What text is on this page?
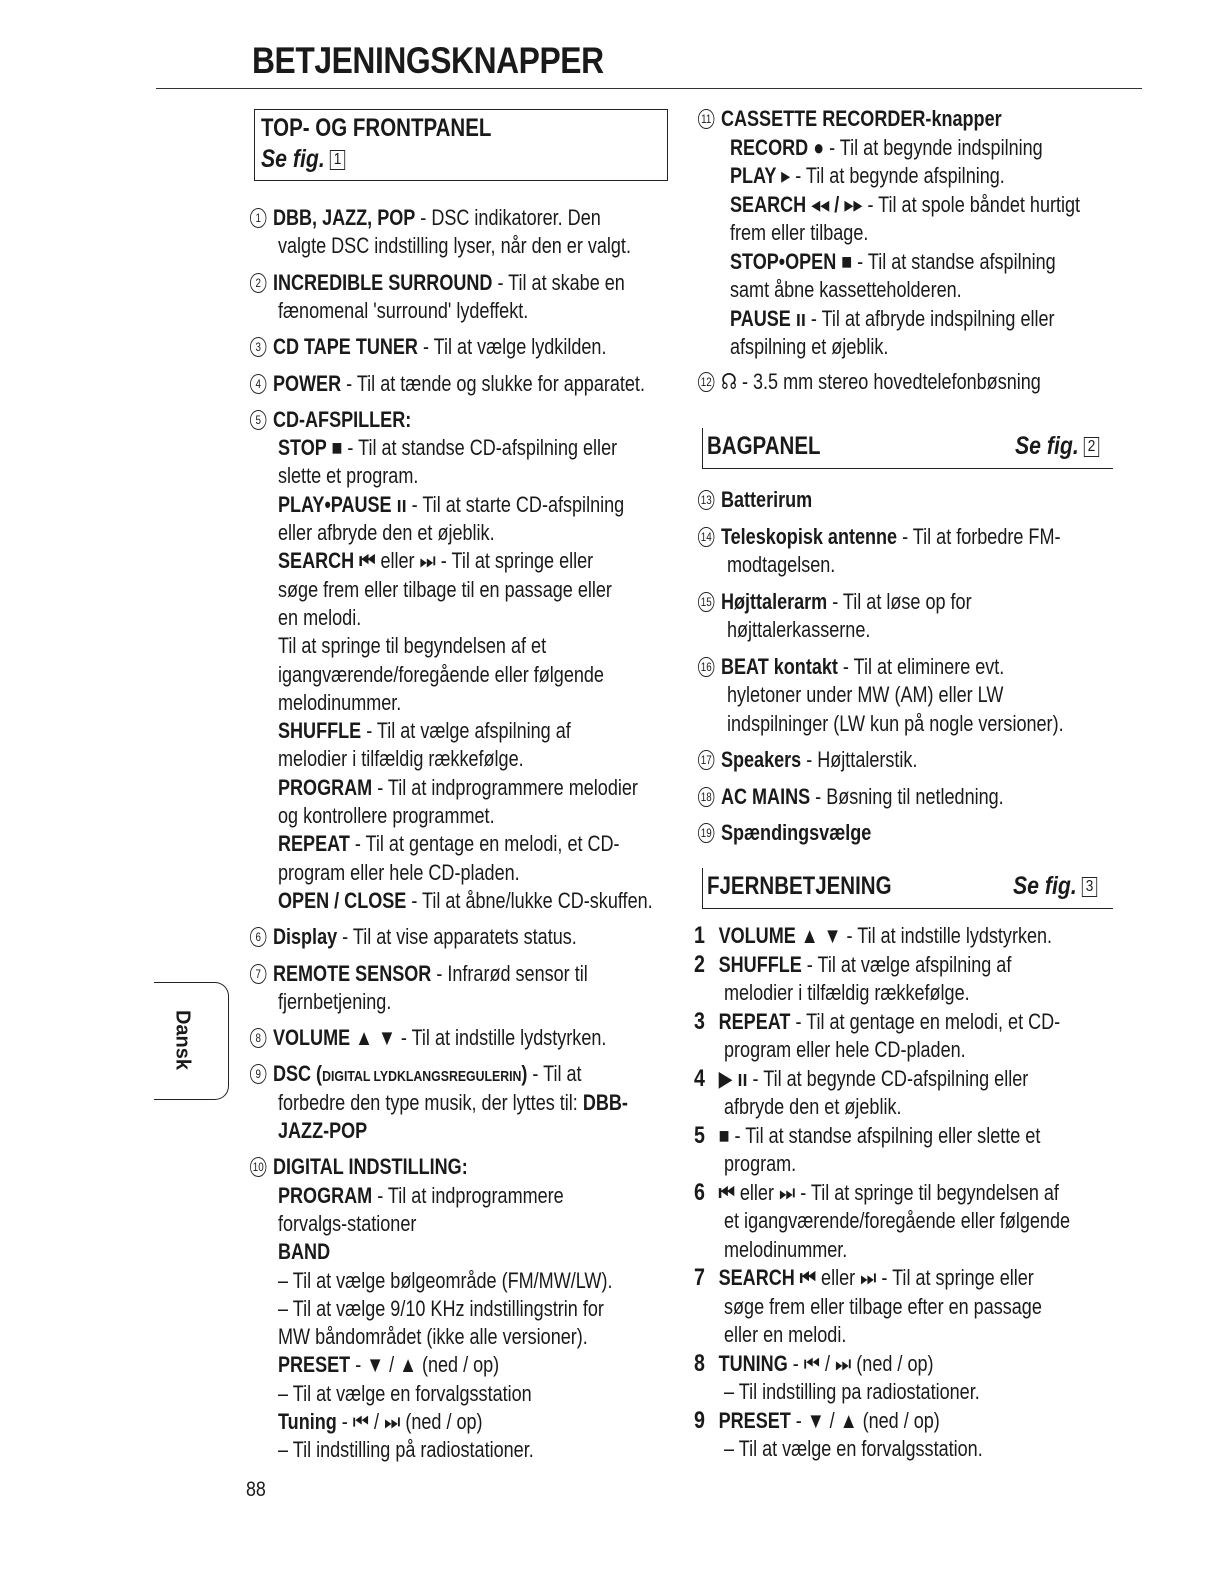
BETJENINGSKNAPPER
TOP- OG FRONTPANEL
Se fig. 1
1 DBB, JAZZ, POP - DSC indikatorer. Den
valgte DSC indstilling lyser, når den er valgt.
2 INCREDIBLE SURROUND - Til at skabe en
fænomenal 'surround' lydeffekt.
3 CD TAPE TUNER - Til at vælge lydkilden.
4 POWER - Til at tænde og slukke for apparatet.
5 CD-AFSPILLER:
STOP ■ - Til at standse CD-afspilning eller
slette et program.
PLAY•PAUSE ıı - Til at starte CD-afspilning
eller afbryde den et øjeblik.
SEARCH ⏮ eller ⏭ - Til at springe eller
søge frem eller tilbage til en passage eller
en melodi.
Til at springe til begyndelsen af et
igangværende/foregående eller følgende
melodinummer.
SHUFFLE - Til at vælge afspilning af
melodier i tilfældig rækkefølge.
PROGRAM - Til at indprogrammere melodier
og kontrollere programmet.
REPEAT - Til at gentage en melodi, et CD-
program eller hele CD-pladen.
OPEN / CLOSE - Til at åbne/lukke CD-skuffen.
6 Display - Til at vise apparatets status.
7 REMOTE SENSOR - Infrarød sensor til
fjernbetjening.
8 VOLUME ▲ ▼ - Til at indstille lydstyrken.
9 DSC (DIGITAL LYDKLANGSREGULERIN) - Til at
forbedre den type musik, der lyttes til: DBB-
JAZZ-POP
10 DIGITAL INDSTILLING:
PROGRAM - Til at indprogrammere
forvalgs-stationer
BAND
– Til at vælge bølgeområde (FM/MW/LW).
– Til at vælge 9/10 KHz indstillingstrin for
MW båndområdet (ikke alle versioner).
PRESET - ▼ / ▲ (ned / op)
– Til at vælge en forvalgsstation
Tuning - ⏮ / ⏭ (ned / op)
– Til indstilling på radiostationer.
Dansk
88
11 CASSETTE RECORDER-knapper
RECORD ● - Til at begynde indspilning
PLAY ▸ - Til at begynde afspilning.
SEARCH ◂◂ / ▸▸ - Til at spole båndet hurtigt
frem eller tilbage.
STOP•OPEN ■ - Til at standse afspilning
samt åbne kassetteholderen.
PAUSE ıı - Til at afbryde indspilning eller
afspilning et øjeblik.
12 ☊ - 3.5 mm stereo hovedtelefonbøsning
BAGPANEL	Se fig. 2
13 Batterirum
14 Teleskopisk antenne - Til at forbedre FM-
modtagelsen.
15 Højttalerarm - Til at løse op for
højttalerkasserne.
16 BEAT kontakt - Til at eliminere evt.
hyletoner under MW (AM) eller LW
indspilninger (LW kun på nogle versioner).
17 Speakers - Højttalerstik.
18 AC MAINS - Bøsning til netledning.
19 Spændingsvælge
FJERNBETJENING	Se fig. 3
1 VOLUME ▲ ▼ - Til at indstille lydstyrken.
2 SHUFFLE - Til at vælge afspilning af
melodier i tilfældig rækkefølge.
3 REPEAT - Til at gentage en melodi, et CD-
program eller hele CD-pladen.
4 ▶ ıı - Til at begynde CD-afspilning eller
afbryde den et øjeblik.
5 ■ - Til at standse afspilning eller slette et
program.
6 ⏮ eller ⏭ - Til at springe til begyndelsen af
et igangværende/foregående eller følgende
melodinummer.
7 SEARCH ⏮ eller ⏭ - Til at springe eller
søge frem eller tilbage efter en passage
eller en melodi.
8 TUNING - ⏮ / ⏭ (ned / op)
– Til indstilling pa radiostationer.
9 PRESET - ▼ / ▲ (ned / op)
– Til at vælge en forvalgsstation.
